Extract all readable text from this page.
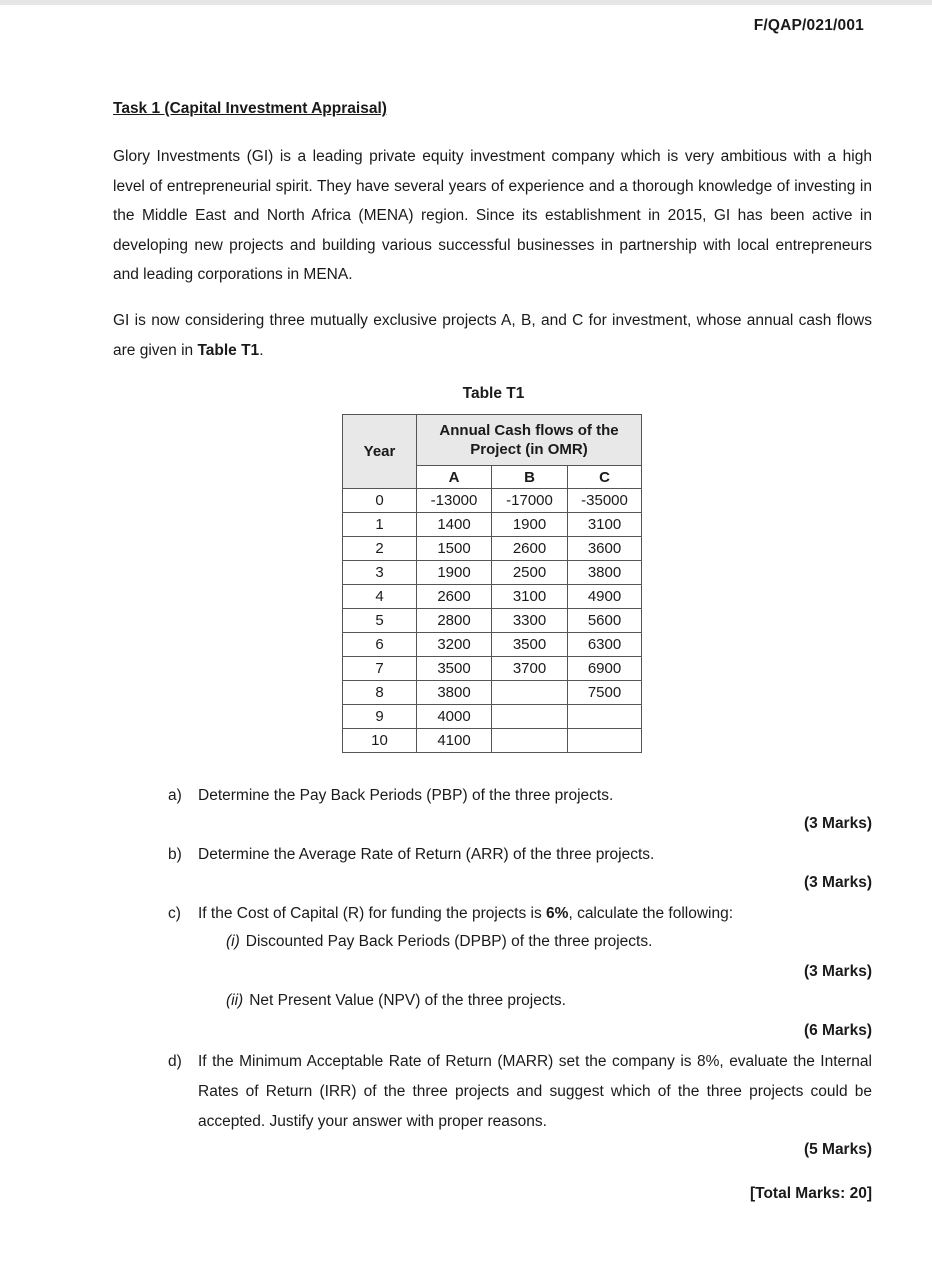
F/QAP/021/001
Task 1 (Capital Investment Appraisal)
Glory Investments (GI) is a leading private equity investment company which is very ambitious with a high level of entrepreneurial spirit. They have several years of experience and a thorough knowledge of investing in the Middle East and North Africa (MENA) region. Since its establishment in 2015, GI has been active in developing new projects and building various successful businesses in partnership with local entrepreneurs and leading corporations in MENA.
GI is now considering three mutually exclusive projects A, B, and C for investment, whose annual cash flows are given in Table T1.
Table T1
Year	Annual Cash flows of the Project (in OMR)		
	A	B	C
0	-13000	-17000	-35000
1	1400	1900	3100
2	1500	2600	3600
3	1900	2500	3800
4	2600	3100	4900
5	2800	3300	5600
6	3200	3500	6300
7	3500	3700	6900
8	3800		7500
9	4000		
10	4100		
a)	Determine the Pay Back Periods (PBP) of the three projects.
(3 Marks)
b)	Determine the Average Rate of Return (ARR) of the three projects.
(3 Marks)
c)	If the Cost of Capital (R) for funding the projects is 6%, calculate the following:
(i) Discounted Pay Back Periods (DPBP) of the three projects.
(3 Marks)
(ii) Net Present Value (NPV) of the three projects.
(6 Marks)
d)	If the Minimum Acceptable Rate of Return (MARR) set the company is 8%, evaluate the Internal Rates of Return (IRR) of the three projects and suggest which of the three projects could be accepted. Justify your answer with proper reasons.
(5 Marks)
[Total Marks: 20]
